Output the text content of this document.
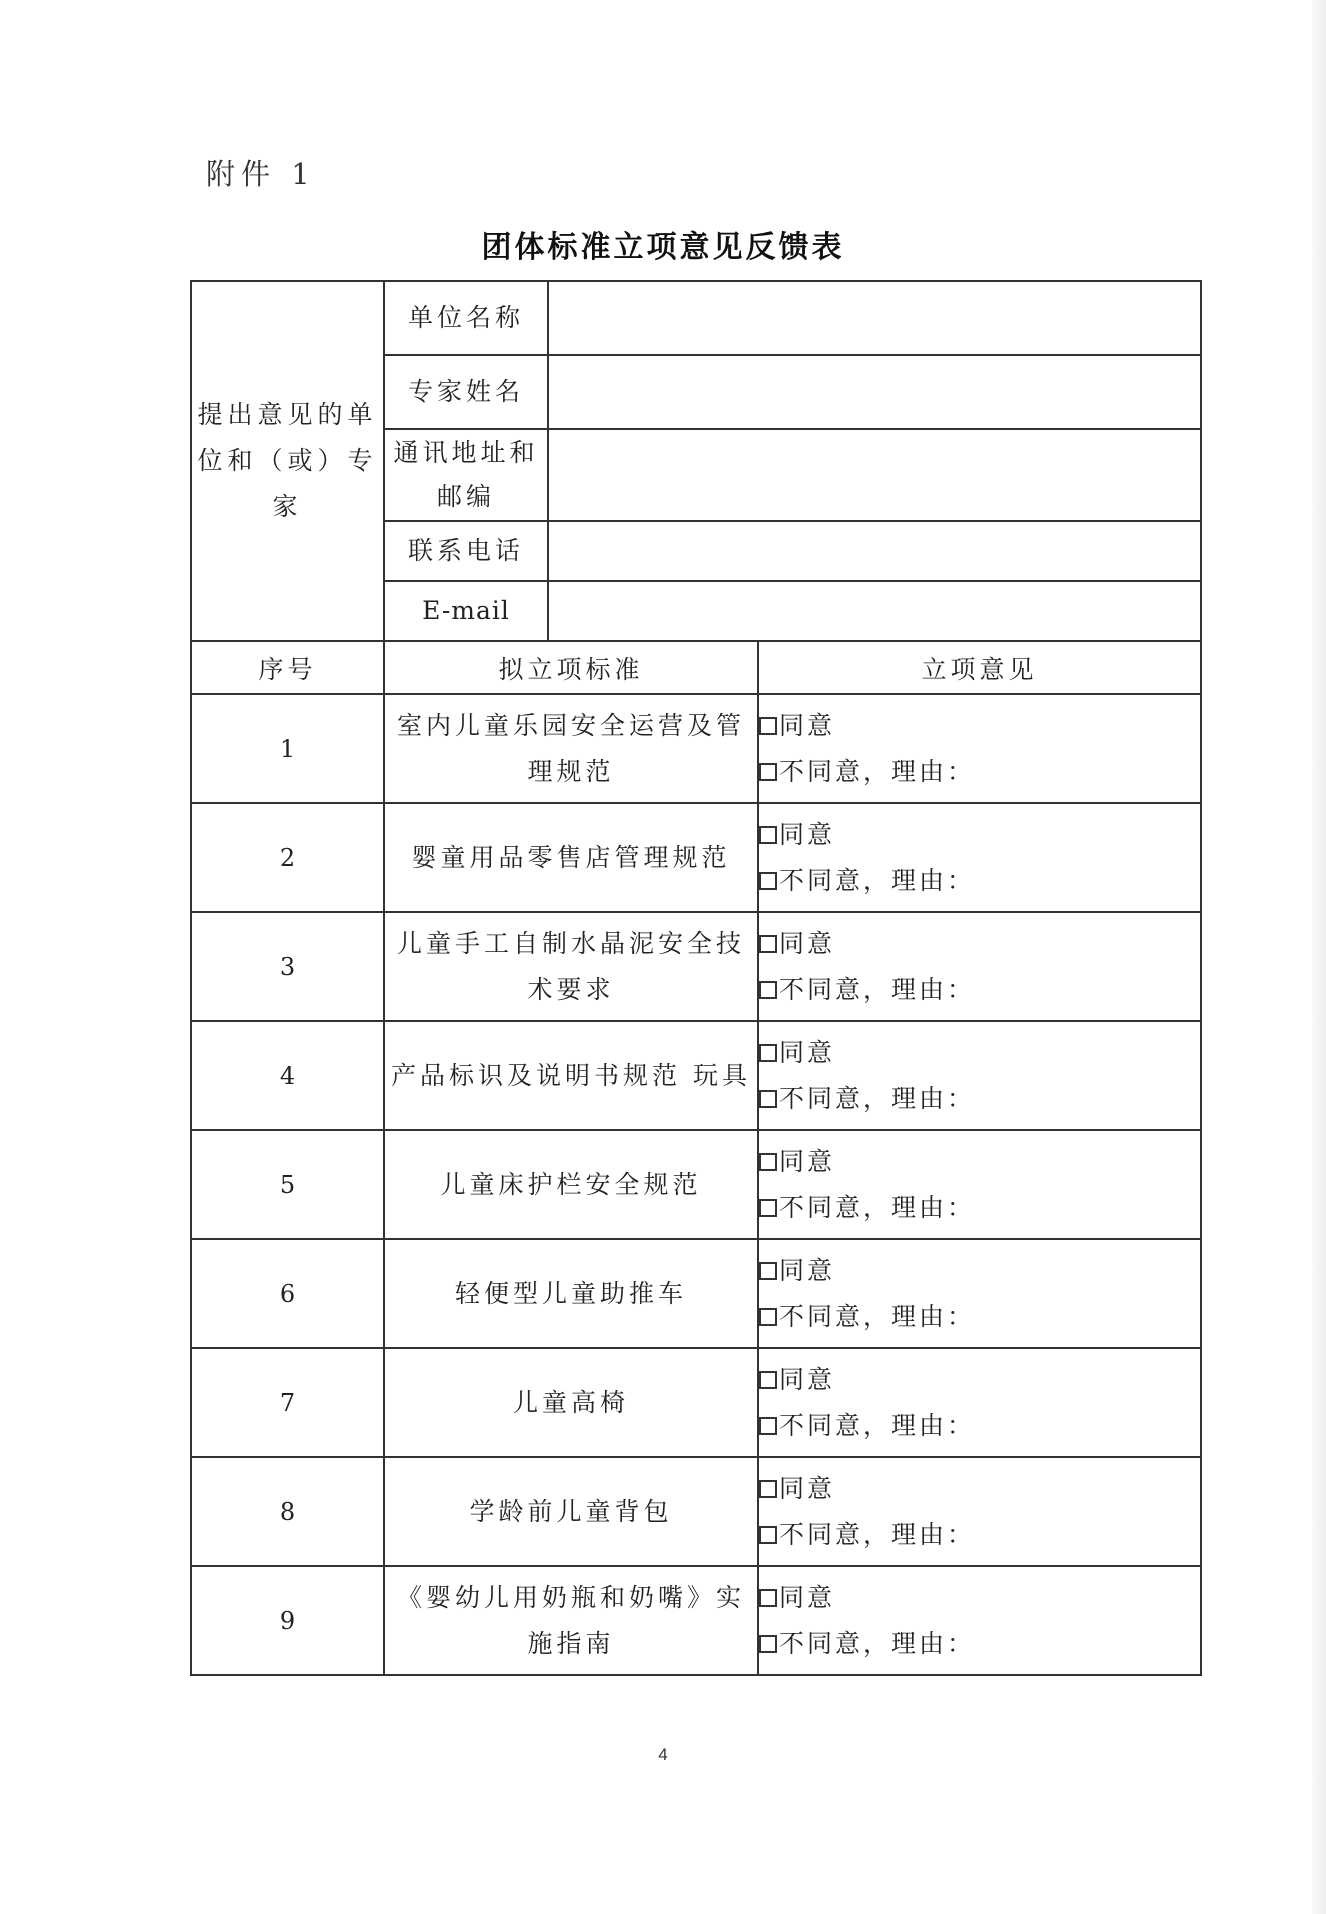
附件 1
团体标准立项意见反馈表
提出意见的单位和（或）专家	单位名称		
	专家姓名		
	通讯地址和邮编		
	联系电话		
	E-mail		
序号	拟立项标准		立项意见
1	室内儿童乐园安全运营及管理规范		同意
不同意，理由：

2	婴童用品零售店管理规范		同意
不同意，理由：

3	儿童手工自制水晶泥安全技术要求		同意
不同意，理由：

4	产品标识及说明书规范 玩具		同意
不同意，理由：

5	儿童床护栏安全规范		同意
不同意，理由：

6	轻便型儿童助推车		同意
不同意，理由：

7	儿童高椅		同意
不同意，理由：

8	学龄前儿童背包		同意
不同意，理由：

9	《婴幼儿用奶瓶和奶嘴》实施指南		同意
不同意，理由：
4
